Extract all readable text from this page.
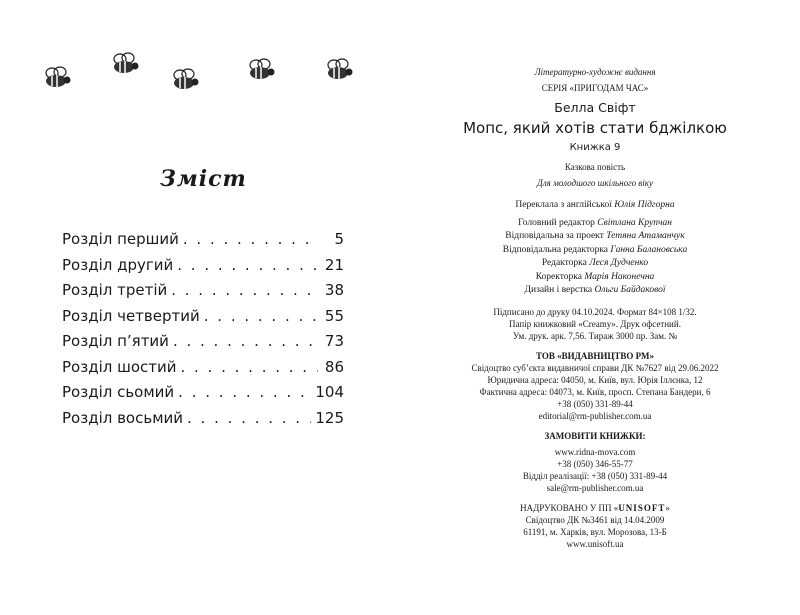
Зміст
Розділ перший . . .	5
Розділ другий . . .	21
Розділ третій . . .	38
Розділ четвертий . . .	55
Розділ п’ятий . . .	73
Розділ шостий . . .	86
Розділ сьомий . . .	104
Розділ восьмий . . .	125
Літературно-художнє видання
СЕРІЯ «ПРИГОДАМ ЧАС»
Белла Свіфт
Мопс, який хотів стати бджілкою
Книжка 9
Казкова повість
Для молодшого шкільного віку
Переклала з англійської Юлія Підгорна
Головний редактор Світлана Крупчан
Відповідальна за проект Тетяна Атаманчук
Відповідальна редакторка Ганна Балановська
Редакторка Леся Дудченко
Коректорка Марія Наконечна
Дизайн і верстка Ольги Байдакової
Підписано до друку 04.10.2024. Формат 84×108 1/32.
Папір книжковий «Creamy». Друк офсетний.
Ум. друк. арк. 7,56. Тираж 3000 пр. Зам. №
ТОВ «ВИДАВНИЦТВО РМ»
Свідоцтво суб’єкта видавничої справи ДК №7627 від 29.06.2022
Юридична адреса: 04050, м. Київ, вул. Юрія Іллєнка, 12
Фактична адреса: 04073, м. Київ, просп. Степана Бандери, 6
+38 (050) 331-89-44
editorial@rm-publisher.com.ua
ЗАМОВИТИ КНИЖКИ:
www.ridna-mova.com
+38 (050) 346-55-77
Відділ реалізації: +38 (050) 331-89-44
sale@rm-publisher.com.ua
НАДРУКОВАНО У ПП «UNISOFT»
Свідоцтво ДК №3461 від 14.04.2009
61191, м. Харків, вул. Морозова, 13-Б
www.unisoft.ua
